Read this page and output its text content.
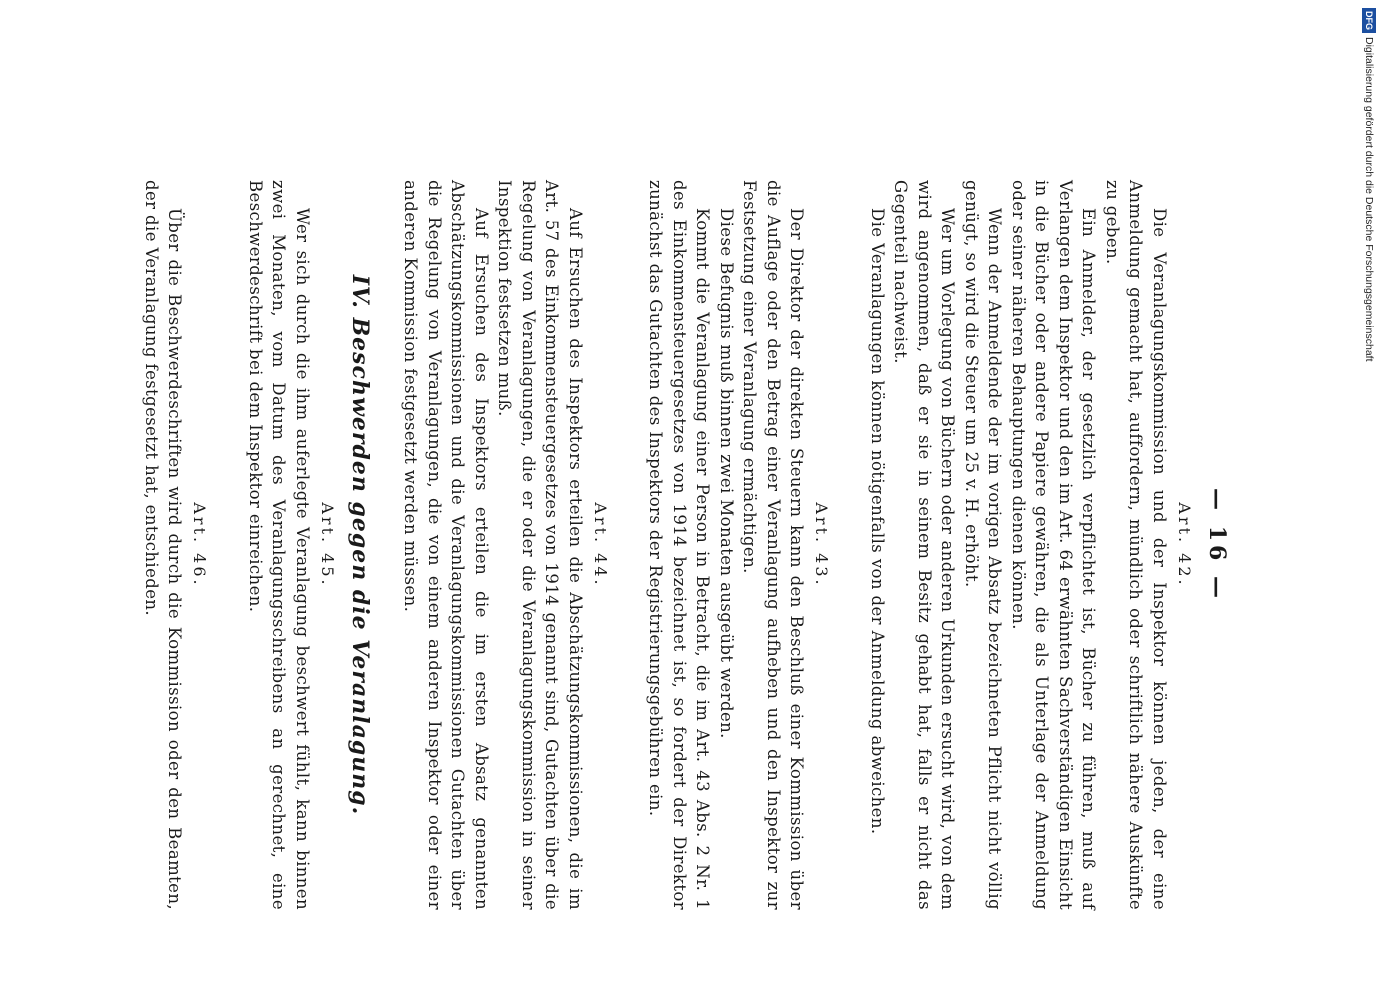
— 16 —
Art. 42.

Die Veranlagungskommission und der Inspektor können jeden, der eine Anmeldung gemacht hat, auffordern, mündlich oder schriftlich nähere Auskünfte zu geben.

Ein Anmelder, der gesetzlich verpflichtet ist, Bücher zu führen, muß auf Verlangen dem Inspektor und den im Art. 64 erwähnten Sachverständigen Einsicht in die Bücher oder andere Papiere gewähren, die als Unterlage der Anmeldung oder seiner näheren Behauptungen dienen können.

Wenn der Anmeldende der im vorigen Absatz bezeichneten Pflicht nicht völlig genügt, so wird die Steuer um 25 v. H. erhöht.

Wer um Vorlegung von Büchern oder anderen Urkunden ersucht wird, von dem wird angenommen, daß er sie in seinem Besitz gehabt hat, falls er nicht das Gegenteil nachweist.

Die Veranlagungen können nötigenfalls von der Anmeldung abweichen.

Art. 43.

Der Direktor der direkten Steuern kann den Beschluß einer Kommission über die Auflage oder den Betrag einer Veranlagung aufheben und den Inspektor zur Festsetzung einer Veranlagung ermächtigen.

Diese Befugnis muß binnen zwei Monaten ausgeübt werden.

Kommt die Veranlagung einer Person in Betracht, die im Art. 43 Abs. 2 Nr. 1 des Einkommensteuergesetzes von 1914 bezeichnet ist, so fordert der Direktor zunächst das Gutachten des Inspektors der Registrierungsgebühren ein.

Art. 44.

Auf Ersuchen des Inspektors erteilen die Abschätzungskommissionen, die im Art. 57 des Einkommensteuergesetzes von 1914 genannt sind, Gutachten über die Regelung von Veranlagungen, die er oder die Veranlagungskommission in seiner Inspektion festsetzen muß.

Auf Ersuchen des Inspektors erteilen die im ersten Absatz genannten Abschätzungskommissionen und die Veranlagungskommissionen Gutachten über die Regelung von Veranlagungen, die von einem anderen Inspektor oder einer anderen Kommission festgesetzt werden müssen.

IV. Beschwerden gegen die Veranlagung.
Art. 45.

Wer sich durch die ihm auferlegte Veranlagung beschwert fühlt, kann binnen zwei Monaten, vom Datum des Veranlagungsschreibens an gerechnet, eine Beschwerdeschrift bei dem Inspektor einreichen.

Art. 46.

Über die Beschwerdeschriften wird durch die Kommission oder den Beamten, der die Veranlagung festgesetzt hat, entschieden.

DFGDigitalisierung gefördert durch die Deutsche Forschungsgemeinschaft
